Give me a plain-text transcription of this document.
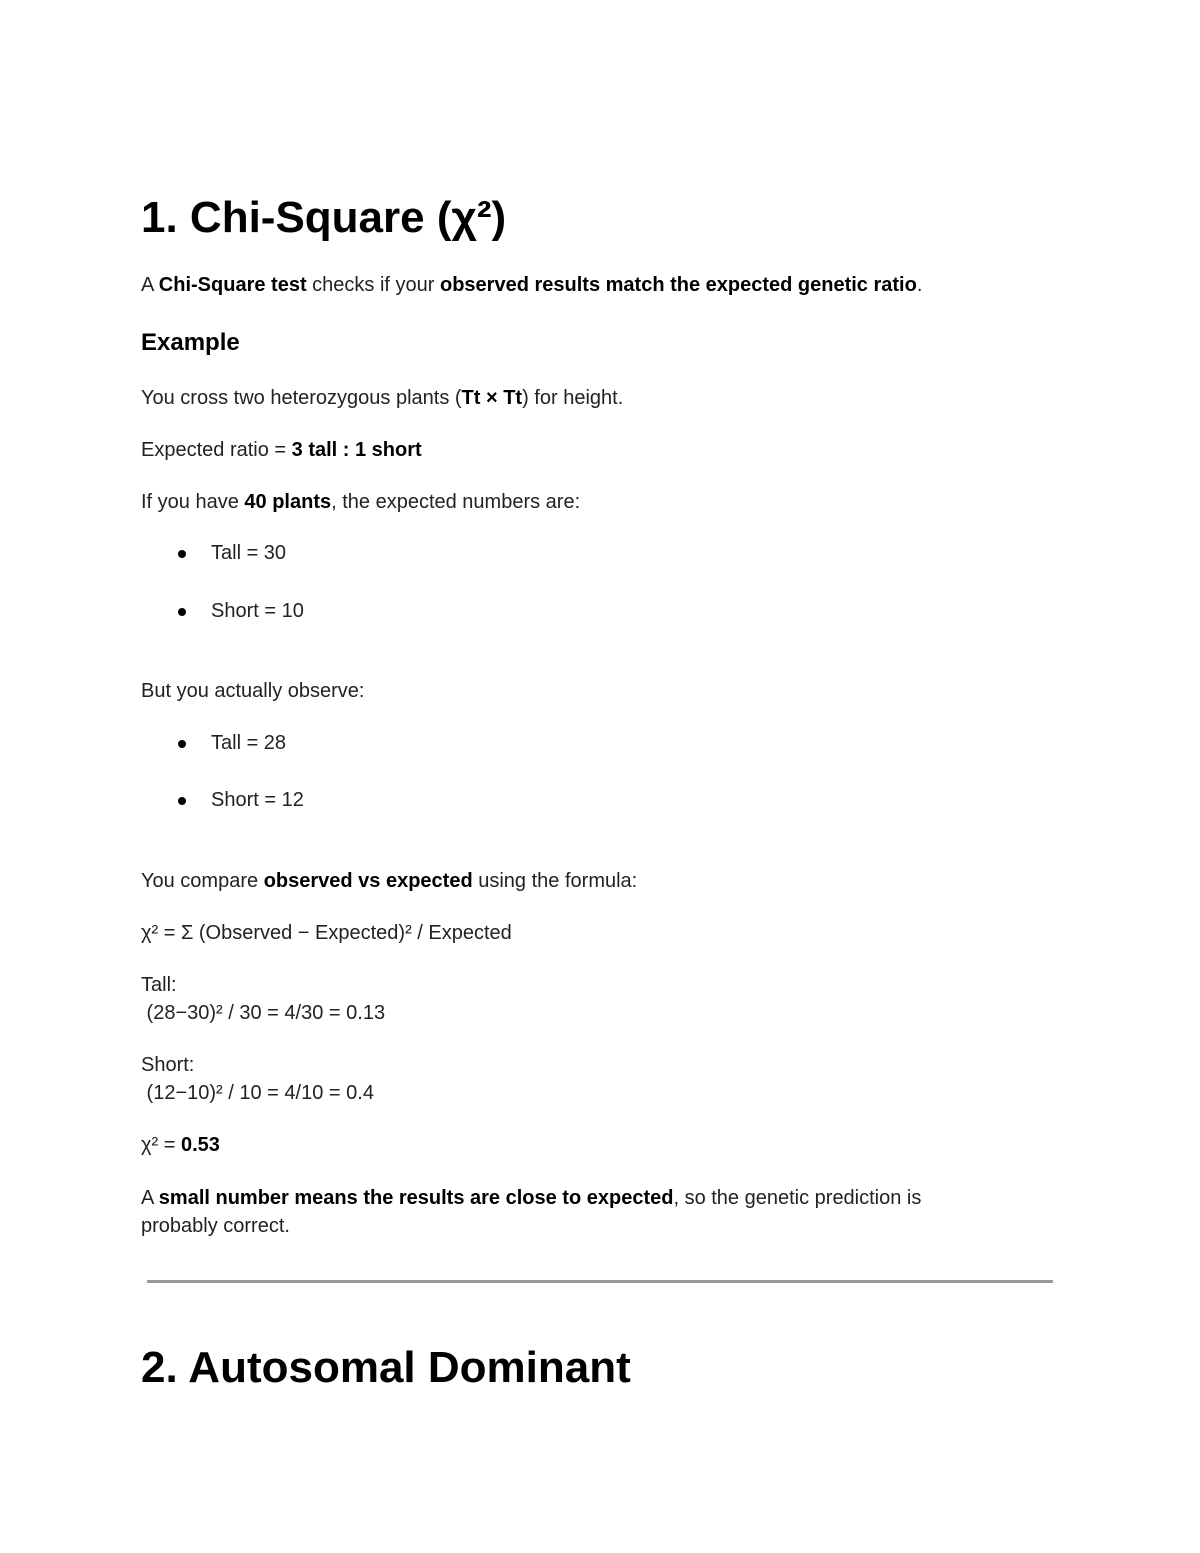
1. Chi-Square (χ²)
A Chi-Square test checks if your observed results match the expected genetic ratio.
Example
You cross two heterozygous plants (Tt × Tt) for height.
Expected ratio = 3 tall : 1 short
If you have 40 plants, the expected numbers are:
Tall = 30
Short = 10
But you actually observe:
Tall = 28
Short = 12
You compare observed vs expected using the formula:
χ² = Σ (Observed − Expected)² / Expected
Tall:
(28−30)² / 30 = 4/30 = 0.13
Short:
(12−10)² / 10 = 4/10 = 0.4
χ² = 0.53
A small number means the results are close to expected, so the genetic prediction is
probably correct.
2. Autosomal Dominant
